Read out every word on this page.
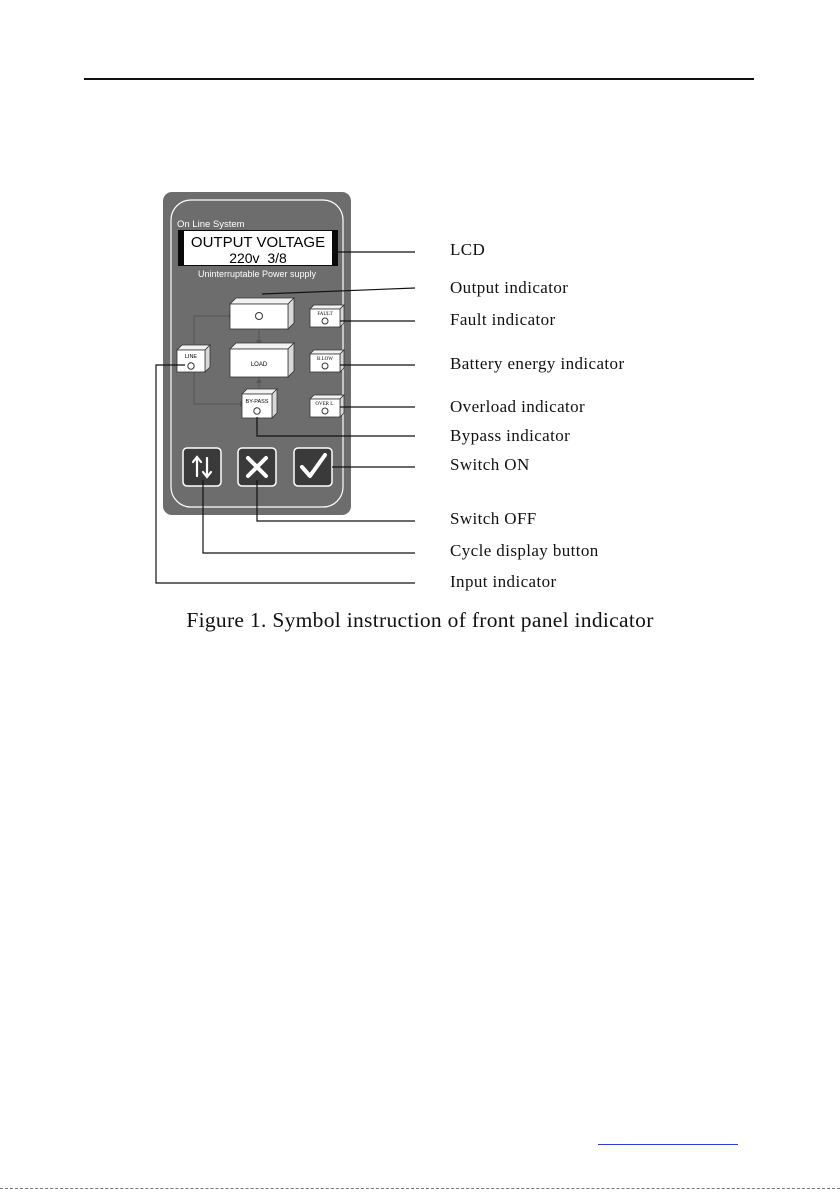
On Line System
OUTPUT VOLTAGE
220v  3/8
Uninterruptable Power supply
LINE
LOAD
BY-PASS
FAULT
B.LOW
OVER L.
LCD
Output indicator
Fault indicator
Battery energy indicator
Overload indicator
Bypass indicator
Switch ON
Switch OFF
Cycle display button
Input indicator
Figure 1. Symbol instruction of front panel indicator
